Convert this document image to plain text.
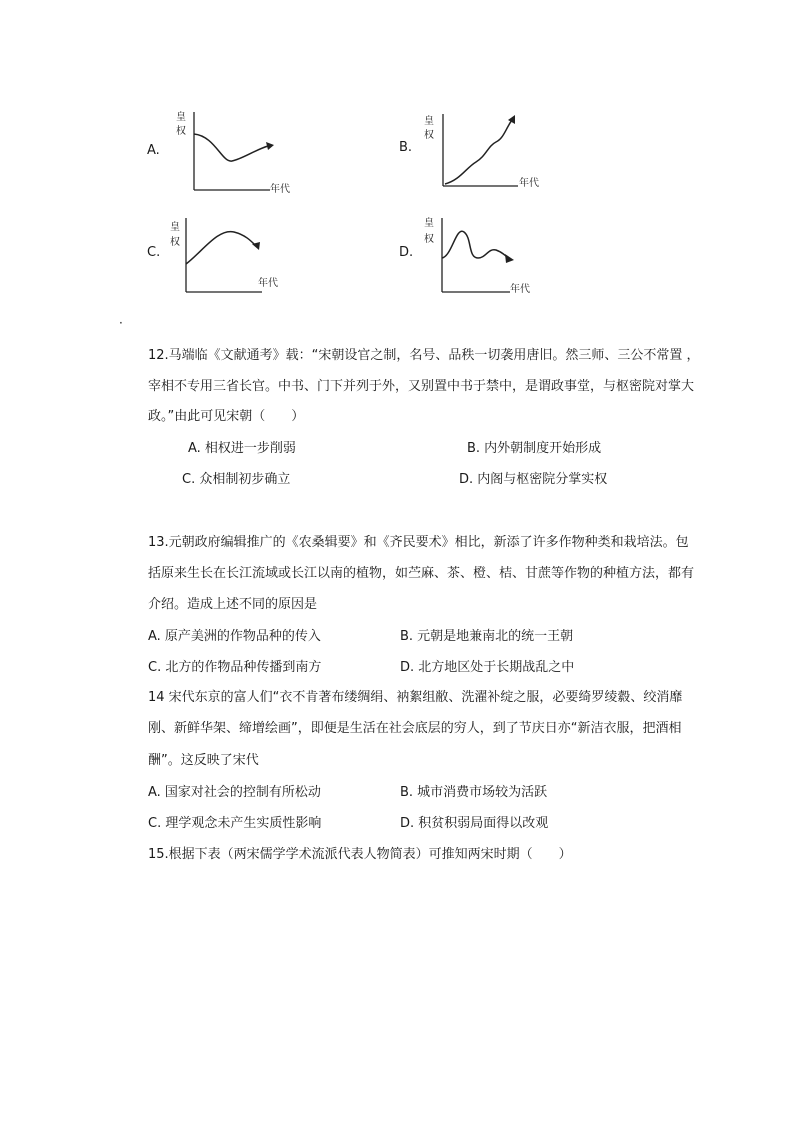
A.
皇
权
年代
B.
皇
权
年代
C.
皇
权
年代
D.
皇
权
年代
·
12.马端临《文献通考》载：“宋朝设官之制，名号、品秩一切袭用唐旧。然三师、三公不常置 ，
宰相不专用三省长官。中书、门下并列于外，又别置中书于禁中，是谓政事堂，与枢密院对掌大
政。”由此可见宋朝（　　）
A. 相权进一步削弱	B. 内外朝制度开始形成
C. 众相制初步确立	D. 内阁与枢密院分掌实权
13.元朝政府编辑推广的《农桑辑要》和《齐民要术》相比，新添了许多作物种类和栽培法。包
括原来生长在长江流域或长江以南的植物，如苎麻、茶、橙、桔、甘蔗等作物的种植方法，都有
介绍。造成上述不同的原因是
A. 原产美洲的作物品种的传入	B. 元朝是地兼南北的统一王朝
C. 北方的作物品种传播到南方	D. 北方地区处于长期战乱之中
14 宋代东京的富人们“衣不肯著布缕绸绢、衲絮组敝、洗濯补绽之服，必要绮罗绫縠、绞消靡
刚、新鲜华架、缔增绘画”，即便是生活在社会底层的穷人，到了节庆日亦“新洁衣服，把酒相
酬”。这反映了宋代
A. 国家对社会的控制有所松动	B. 城市消费市场较为活跃
C. 理学观念未产生实质性影响	D. 积贫积弱局面得以改观
15.根据下表（两宋儒学学术流派代表人物简表）可推知两宋时期（　　）
